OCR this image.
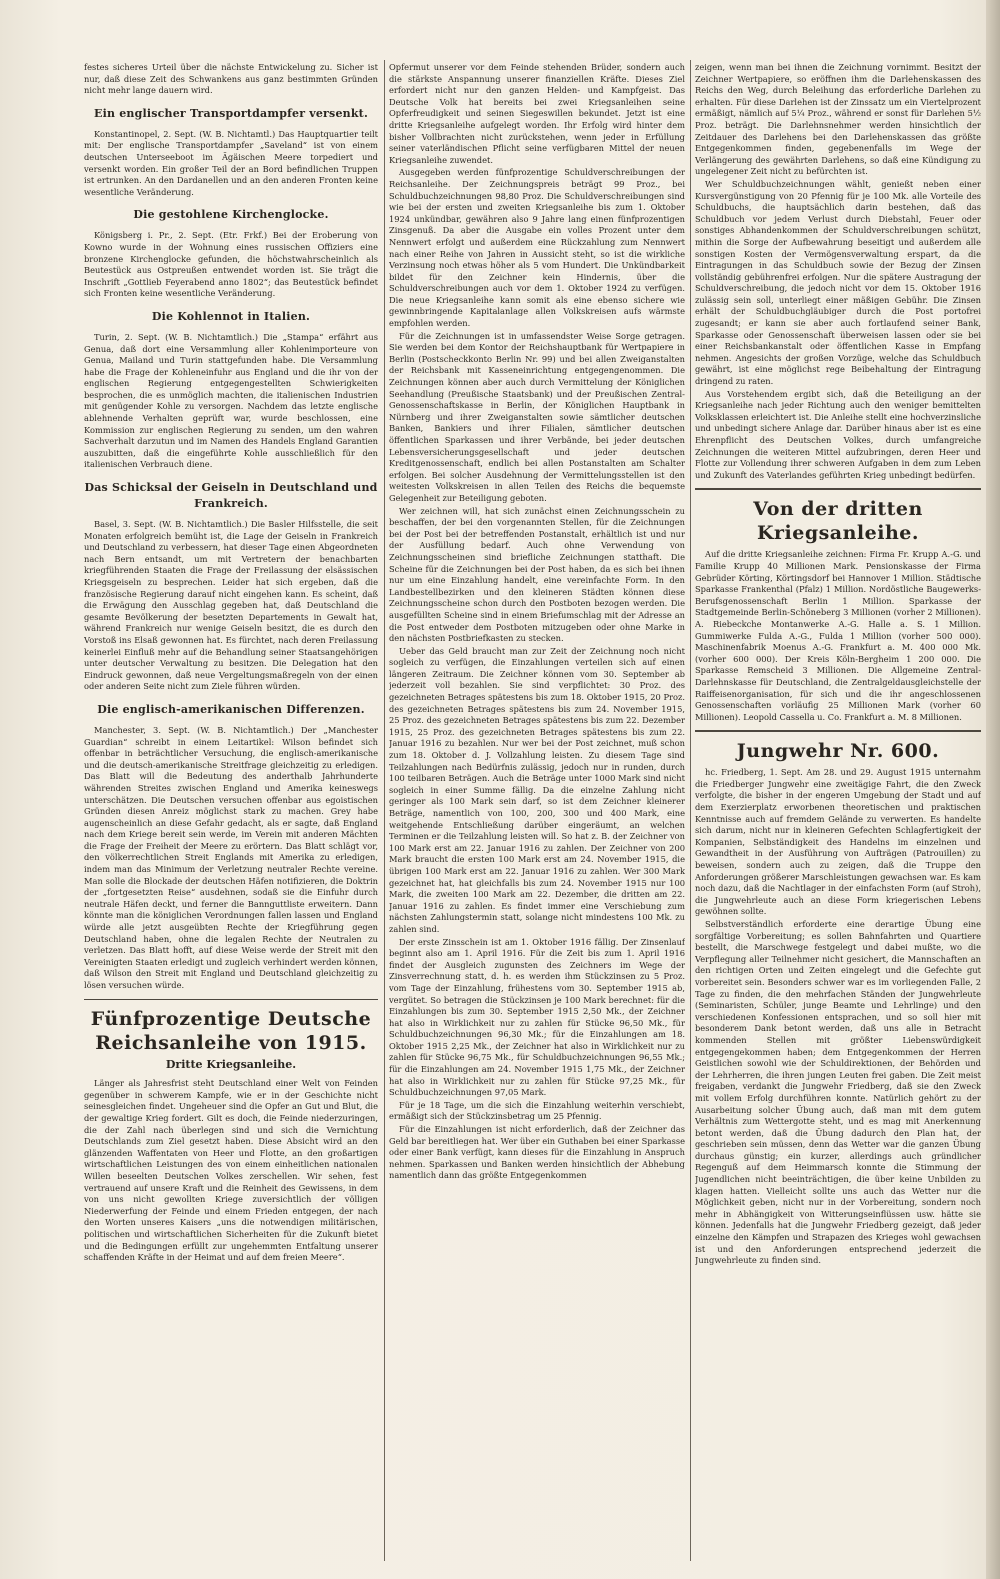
festes sicheres Urteil über die nächste Entwickelung zu. Sicher ist nur, daß diese Zeit des Schwankens aus ganz bestimmten Gründen nicht mehr lange dauern wird.

Ein englischer Transportdampfer versenkt.

Konstantinopel, 2. Sept. (W. B. Nichtamtl.) Das Hauptquartier teilt mit: Der englische Transportdampfer „Saveland“ ist von einem deutschen Unterseeboot im Ägäischen Meere torpediert und versenkt worden. Ein großer Teil der an Bord befindlichen Truppen ist ertrunken. An den Dardanellen und an den anderen Fronten keine wesentliche Veränderung.

Die gestohlene Kirchenglocke.

Königsberg i. Pr., 2. Sept. (Etr. Frkf.) Bei der Eroberung von Kowno wurde in der Wohnung eines russischen Offiziers eine bronzene Kirchenglocke gefunden, die höchstwahrscheinlich als Beutestück aus Ostpreußen entwendet worden ist. Sie trägt die Inschrift „Gottlieb Feyerabend anno 1802“; das Beutestück befindet sich Fronten keine wesentliche Veränderung.

Die Kohlennot in Italien.

Turin, 2. Sept. (W. B. Nichtamtlich.) Die „Stampa“ erfährt aus Genua, daß dort eine Versammlung aller Kohlenimporteure von Genua, Mailand und Turin stattgefunden habe. Die Versammlung habe die Frage der Kohleneinfuhr aus England und die ihr von der englischen Regierung entgegengestellten Schwierigkeiten besprochen, die es unmöglich machten, die italienischen Industrien mit genügender Kohle zu versorgen. Nachdem das letzte englische ablehnende Verhalten geprüft war, wurde beschlossen, eine Kommission zur englischen Regierung zu senden, um den wahren Sachverhalt darzutun und im Namen des Handels England Garantien auszubitten, daß die eingeführte Kohle ausschließlich für den italienischen Verbrauch diene.

Das Schicksal der Geiseln in Deutschland und Frankreich.

Basel, 3. Sept. (W. B. Nichtamtlich.) Die Basler Hilfsstelle, die seit Monaten erfolgreich bemüht ist, die Lage der Geiseln in Frankreich und Deutschland zu verbessern, hat dieser Tage einen Abgeordneten nach Bern entsandt, um mit Vertretern der benachbarten kriegführenden Staaten die Frage der Freilassung der elsässischen Kriegsgeiseln zu besprechen. Leider hat sich ergeben, daß die französische Regierung darauf nicht eingehen kann. Es scheint, daß die Erwägung den Ausschlag gegeben hat, daß Deutschland die gesamte Bevölkerung der besetzten Departements in Gewalt hat, während Frankreich nur wenige Geiseln besitzt, die es durch den Vorstoß ins Elsaß gewonnen hat. Es fürchtet, nach deren Freilassung keinerlei Einfluß mehr auf die Behandlung seiner Staatsangehörigen unter deutscher Verwaltung zu besitzen. Die Delegation hat den Eindruck gewonnen, daß neue Vergeltungsmaßregeln von der einen oder anderen Seite nicht zum Ziele führen würden.

Die englisch-amerikanischen Differenzen.

Manchester, 3. Sept. (W. B. Nichtamtlich.) Der „Manchester Guardian“ schreibt in einem Leitartikel: Wilson befindet sich offenbar in beträchtlicher Versuchung, die englisch-amerikanische und die deutsch-amerikanische Streitfrage gleichzeitig zu erledigen. Das Blatt will die Bedeutung des anderthalb Jahrhunderte währenden Streites zwischen England und Amerika keineswegs unterschätzen. Die Deutschen versuchen offenbar aus egoistischen Gründen diesen Anreiz möglichst stark zu machen. Grey habe augenscheinlich an diese Gefahr gedacht, als er sagte, daß England nach dem Kriege bereit sein werde, im Verein mit anderen Mächten die Frage der Freiheit der Meere zu erörtern. Das Blatt schlägt vor, den völkerrechtlichen Streit Englands mit Amerika zu erledigen, indem man das Minimum der Verletzung neutraler Rechte vereine. Man solle die Blockade der deutschen Häfen notifizieren, die Doktrin der „fortgesetzten Reise“ ausdehnen, sodaß sie die Einfuhr durch neutrale Häfen deckt, und ferner die Bannguttliste erweitern. Dann könnte man die königlichen Verordnungen fallen lassen und England würde alle jetzt ausgeübten Rechte der Kriegführung gegen Deutschland haben, ohne die legalen Rechte der Neutralen zu verletzen. Das Blatt hofft, auf diese Weise werde der Streit mit den Vereinigten Staaten erledigt und zugleich verhindert werden können, daß Wilson den Streit mit England und Deutschland gleichzeitig zu lösen versuchen würde.

Fünfprozentige Deutsche Reichsanleihe von 1915.
Dritte Kriegsanleihe.

Länger als Jahresfrist steht Deutschland einer Welt von Feinden gegenüber in schwerem Kampfe, wie er in der Geschichte nicht seinesgleichen findet. Ungeheuer sind die Opfer an Gut und Blut, die der gewaltige Krieg fordert. Gilt es doch, die Feinde niederzuringen, die der Zahl nach überlegen sind und sich die Vernichtung Deutschlands zum Ziel gesetzt haben. Diese Absicht wird an den glänzenden Waffentaten von Heer und Flotte, an den großartigen wirtschaftlichen Leistungen des von einem einheitlichen nationalen Willen beseelten Deutschen Volkes zerschellen. Wir sehen, fest vertrauend auf unsere Kraft und die Reinheit des Gewissens, in dem von uns nicht gewollten Kriege zuversichtlich der völligen Niederwerfung der Feinde und einem Frieden entgegen, der nach den Worten unseres Kaisers „uns die notwendigen militärischen, politischen und wirtschaftlichen Sicherheiten für die Zukunft bietet und die Bedingungen erfüllt zur ungehemmten Entfaltung unserer schaffenden Kräfte in der Heimat und auf dem freien Meere“.

Opfermut unserer vor dem Feinde stehenden Brüder, sondern auch die stärkste Anspannung unserer finanziellen Kräfte. Dieses Ziel erfordert nicht nur den ganzen Helden- und Kampfgeist. Das Deutsche Volk hat bereits bei zwei Kriegsanleihen seine Opferfreudigkeit und seinen Siegeswillen bekundet. Jetzt ist eine dritte Kriegsanleihe aufgelegt worden. Ihr Erfolg wird hinter dem bisher Vollbrachten nicht zurückstehen, wenn jeder in Erfüllung seiner vaterländischen Pflicht seine verfügbaren Mittel der neuen Kriegsanleihe zuwendet.

Ausgegeben werden fünfprozentige Schuldverschreibungen der Reichsanleihe. Der Zeichnungspreis beträgt 99 Proz., bei Schuldbuchzeichnungen 98,80 Proz. Die Schuldverschreibungen sind wie bei der ersten und zweiten Kriegsanleihe bis zum 1. Oktober 1924 unkündbar, gewähren also 9 Jahre lang einen fünfprozentigen Zinsgenuß. Da aber die Ausgabe ein volles Prozent unter dem Nennwert erfolgt und außerdem eine Rückzahlung zum Nennwert nach einer Reihe von Jahren in Aussicht steht, so ist die wirkliche Verzinsung noch etwas höher als 5 vom Hundert. Die Unkündbarkeit bildet für den Zeichner kein Hindernis, über die Schuldverschreibungen auch vor dem 1. Oktober 1924 zu verfügen. Die neue Kriegsanleihe kann somit als eine ebenso sichere wie gewinnbringende Kapitalanlage allen Volkskreisen aufs wärmste empfohlen werden.

Für die Zeichnungen ist in umfassendster Weise Sorge getragen. Sie werden bei dem Kontor der Reichshauptbank für Wertpapiere in Berlin (Postscheckkonto Berlin Nr. 99) und bei allen Zweiganstalten der Reichsbank mit Kasseneinrichtung entgegengenommen. Die Zeichnungen können aber auch durch Vermittelung der Königlichen Seehandlung (Preußische Staatsbank) und der Preußischen Zentral-Genossenschaftskasse in Berlin, der Königlichen Hauptbank in Nürnberg und ihrer Zweiganstalten sowie sämtlicher deutschen Banken, Bankiers und ihrer Filialen, sämtlicher deutschen öffentlichen Sparkassen und ihrer Verbände, bei jeder deutschen Lebensversicherungsgesellschaft und jeder deutschen Kreditgenossenschaft, endlich bei allen Postanstalten am Schalter erfolgen. Bei solcher Ausdehnung der Vermittelungsstellen ist den weitesten Volkskreisen in allen Teilen des Reichs die bequemste Gelegenheit zur Beteiligung geboten.

Wer zeichnen will, hat sich zunächst einen Zeichnungsschein zu beschaffen, der bei den vorgenannten Stellen, für die Zeichnungen bei der Post bei der betreffenden Postanstalt, erhältlich ist und nur der Ausfüllung bedarf. Auch ohne Verwendung von Zeichnungsscheinen sind briefliche Zeichnungen statthaft. Die Scheine für die Zeichnungen bei der Post haben, da es sich bei ihnen nur um eine Einzahlung handelt, eine vereinfachte Form. In den Landbestellbezirken und den kleineren Städten können diese Zeichnungsscheine schon durch den Postboten bezogen werden. Die ausgefüllten Scheine sind in einem Briefumschlag mit der Adresse an die Post entweder dem Postboten mitzugeben oder ohne Marke in den nächsten Postbriefkasten zu stecken.

Ueber das Geld braucht man zur Zeit der Zeichnung noch nicht sogleich zu verfügen, die Einzahlungen verteilen sich auf einen längeren Zeitraum. Die Zeichner können vom 30. September ab jederzeit voll bezahlen. Sie sind verpflichtet: 30 Proz. des gezeichneten Betrages spätestens bis zum 18. Oktober 1915, 20 Proz. des gezeichneten Betrages spätestens bis zum 24. November 1915, 25 Proz. des gezeichneten Betrages spätestens bis zum 22. Dezember 1915, 25 Proz. des gezeichneten Betrages spätestens bis zum 22. Januar 1916 zu bezahlen. Nur wer bei der Post zeichnet, muß schon zum 18. Oktober d. J. Vollzahlung leisten. Zu diesem Tage sind Teilzahlungen nach Bedürfnis zulässig, jedoch nur in runden, durch 100 teilbaren Beträgen. Auch die Beträge unter 1000 Mark sind nicht sogleich in einer Summe fällig. Da die einzelne Zahlung nicht geringer als 100 Mark sein darf, so ist dem Zeichner kleinerer Beträge, namentlich von 100, 200, 300 und 400 Mark, eine weitgehende Entschließung darüber eingeräumt, an welchen Terminen er die Teilzahlung leisten will. So hat z. B. der Zeichner von 100 Mark erst am 22. Januar 1916 zu zahlen. Der Zeichner von 200 Mark braucht die ersten 100 Mark erst am 24. November 1915, die übrigen 100 Mark erst am 22. Januar 1916 zu zahlen. Wer 300 Mark gezeichnet hat, hat gleichfalls bis zum 24. November 1915 nur 100 Mark, die zweiten 100 Mark am 22. Dezember, die dritten am 22. Januar 1916 zu zahlen. Es findet immer eine Verschiebung zum nächsten Zahlungstermin statt, solange nicht mindestens 100 Mk. zu zahlen sind.

Der erste Zinsschein ist am 1. Oktober 1916 fällig. Der Zinsenlauf beginnt also am 1. April 1916. Für die Zeit bis zum 1. April 1916 findet der Ausgleich zugunsten des Zeichners im Wege der Zinsverrechnung statt, d. h. es werden ihm Stückzinsen zu 5 Proz. vom Tage der Einzahlung, frühestens vom 30. September 1915 ab, vergütet. So betragen die Stückzinsen je 100 Mark berechnet: für die Einzahlungen bis zum 30. September 1915 2,50 Mk., der Zeichner hat also in Wirklichkeit nur zu zahlen für Stücke 96,50 Mk., für Schuldbuchzeichnungen 96,30 Mk.; für die Einzahlungen am 18. Oktober 1915 2,25 Mk., der Zeichner hat also in Wirklichkeit nur zu zahlen für Stücke 96,75 Mk., für Schuldbuchzeichnungen 96,55 Mk.; für die Einzahlungen am 24. November 1915 1,75 Mk., der Zeichner hat also in Wirklichkeit nur zu zahlen für Stücke 97,25 Mk., für Schuldbuchzeichnungen 97,05 Mark.

Für je 18 Tage, um die sich die Einzahlung weiterhin verschiebt, ermäßigt sich der Stückzinsbetrag um 25 Pfennig.

Für die Einzahlungen ist nicht erforderlich, daß der Zeichner das Geld bar bereitliegen hat. Wer über ein Guthaben bei einer Sparkasse oder einer Bank verfügt, kann dieses für die Einzahlung in Anspruch nehmen. Sparkassen und Banken werden hinsichtlich der Abhebung namentlich dann das größte Entgegenkommen

zeigen, wenn man bei ihnen die Zeichnung vornimmt. Besitzt der Zeichner Wertpapiere, so eröffnen ihm die Darlehenskassen des Reichs den Weg, durch Beleihung das erforderliche Darlehen zu erhalten. Für diese Darlehen ist der Zinssatz um ein Viertelprozent ermäßigt, nämlich auf 5¼ Proz., während er sonst für Darlehen 5½ Proz. beträgt. Die Darlehnsnehmer werden hinsichtlich der Zeitdauer des Darlehens bei den Darlehenskassen das größte Entgegenkommen finden, gegebenenfalls im Wege der Verlängerung des gewährten Darlehens, so daß eine Kündigung zu ungelegener Zeit nicht zu befürchten ist.

Wer Schuldbuchzeichnungen wählt, genießt neben einer Kursvergünstigung von 20 Pfennig für je 100 Mk. alle Vorteile des Schuldbuchs, die hauptsächlich darin bestehen, daß das Schuldbuch vor jedem Verlust durch Diebstahl, Feuer oder sonstiges Abhandenkommen der Schuldverschreibungen schützt, mithin die Sorge der Aufbewahrung beseitigt und außerdem alle sonstigen Kosten der Vermögensverwaltung erspart, da die Eintragungen in das Schuldbuch sowie der Bezug der Zinsen vollständig gebührenfrei erfolgen. Nur die spätere Austragung der Schuldverschreibung, die jedoch nicht vor dem 15. Oktober 1916 zulässig sein soll, unterliegt einer mäßigen Gebühr. Die Zinsen erhält der Schuldbuchgläubiger durch die Post portofrei zugesandt; er kann sie aber auch fortlaufend seiner Bank, Sparkasse oder Genossenschaft überweisen lassen oder sie bei einer Reichsbankanstalt oder öffentlichen Kasse in Empfang nehmen. Angesichts der großen Vorzüge, welche das Schuldbuch gewährt, ist eine möglichst rege Beibehaltung der Eintragung dringend zu raten.

Aus Vorstehendem ergibt sich, daß die Beteiligung an der Kriegsanleihe nach jeder Richtung auch den weniger bemittelten Volksklassen erleichtert ist. Die Anleihe stellt eine hochverzinsliche und unbedingt sichere Anlage dar. Darüber hinaus aber ist es eine Ehrenpflicht des Deutschen Volkes, durch umfangreiche Zeichnungen die weiteren Mittel aufzubringen, deren Heer und Flotte zur Vollendung ihrer schweren Aufgaben in dem zum Leben und Zukunft des Vaterlandes geführten Krieg unbedingt bedürfen.

Von der dritten Kriegsanleihe.

Auf die dritte Kriegsanleihe zeichnen: Firma Fr. Krupp A.-G. und Familie Krupp 40 Millionen Mark. Pensionskasse der Firma Gebrüder Körting, Körtingsdorf bei Hannover 1 Million. Städtische Sparkasse Frankenthal (Pfalz) 1 Million. Nordöstliche Baugewerks-Berufsgenossenschaft Berlin 1 Million. Sparkasse der Stadtgemeinde Berlin-Schöneberg 3 Millionen (vorher 2 Millionen). A. Riebeckche Montanwerke A.-G. Halle a. S. 1 Million. Gummiwerke Fulda A.-G., Fulda 1 Million (vorher 500 000). Maschinenfabrik Moenus A.-G. Frankfurt a. M. 400 000 Mk. (vorher 600 000). Der Kreis Köln-Bergheim 1 200 000. Die Sparkasse Remscheid 3 Millionen. Die Allgemeine Zentral-Darlehnskasse für Deutschland, die Zentralgeldausgleichstelle der Raiffeisenorganisation, für sich und die ihr angeschlossenen Genossenschaften vorläufig 25 Millionen Mark (vorher 60 Millionen). Leopold Cassella u. Co. Frankfurt a. M. 8 Millionen.

Jungwehr Nr. 600.

hc. Friedberg, 1. Sept. Am 28. und 29. August 1915 unternahm die Friedberger Jungwehr eine zweitägige Fahrt, die den Zweck verfolgte, die bisher in der engeren Umgebung der Stadt und auf dem Exerzierplatz erworbenen theoretischen und praktischen Kenntnisse auch auf fremdem Gelände zu verwerten. Es handelte sich darum, nicht nur in kleineren Gefechten Schlagfertigkeit der Kompanien, Selbständigkeit des Handelns im einzelnen und Gewandtheit in der Ausführung von Aufträgen (Patrouillen) zu beweisen, sondern auch zu zeigen, daß die Truppe den Anforderungen größerer Marschleistungen gewachsen war. Es kam noch dazu, daß die Nachtlager in der einfachsten Form (auf Stroh), die Jungwehrleute auch an diese Form kriegerischen Lebens gewöhnen sollte.

Selbstverständlich erforderte eine derartige Übung eine sorgfältige Vorbereitung; es sollen Bahnfahrten und Quartiere bestellt, die Marschwege festgelegt und dabei mußte, wo die Verpflegung aller Teilnehmer nicht gesichert, die Mannschaften an den richtigen Orten und Zeiten eingelegt und die Gefechte gut vorbereitet sein. Besonders schwer war es im vorliegenden Falle, 2 Tage zu finden, die den mehrfachen Ständen der Jungwehrleute (Seminaristen, Schüler, junge Beamte und Lehrlinge) und den verschiedenen Konfessionen entsprachen, und so soll hier mit besonderem Dank betont werden, daß uns alle in Betracht kommenden Stellen mit größter Liebenswürdigkeit entgegengekommen haben; dem Entgegenkommen der Herren Geistlichen sowohl wie der Schuldirektionen, der Behörden und der Lehrherren, die ihren jungen Leuten frei gaben. Die Zeit meist freigaben, verdankt die Jungwehr Friedberg, daß sie den Zweck mit vollem Erfolg durchführen konnte. Natürlich gehört zu der Ausarbeitung solcher Übung auch, daß man mit dem gutem Verhältnis zum Wettergotte steht, und es mag mit Anerkennung betont werden, daß die Übung dadurch den Plan hat, der geschrieben sein müssen, denn das Wetter war die ganzen Übung durchaus günstig; ein kurzer, allerdings auch gründlicher Regenguß auf dem Heimmarsch konnte die Stimmung der Jugendlichen nicht beeinträchtigen, die über keine Unbilden zu klagen hatten. Vielleicht sollte uns auch das Wetter nur die Möglichkeit geben, nicht nur in der Vorbereitung, sondern noch mehr in Abhängigkeit von Witterungseinflüssen usw. hätte sie können. Jedenfalls hat die Jungwehr Friedberg gezeigt, daß jeder einzelne den Kämpfen und Strapazen des Krieges wohl gewachsen ist und den Anforderungen entsprechend jederzeit die Jungwehrleute zu finden sind.
